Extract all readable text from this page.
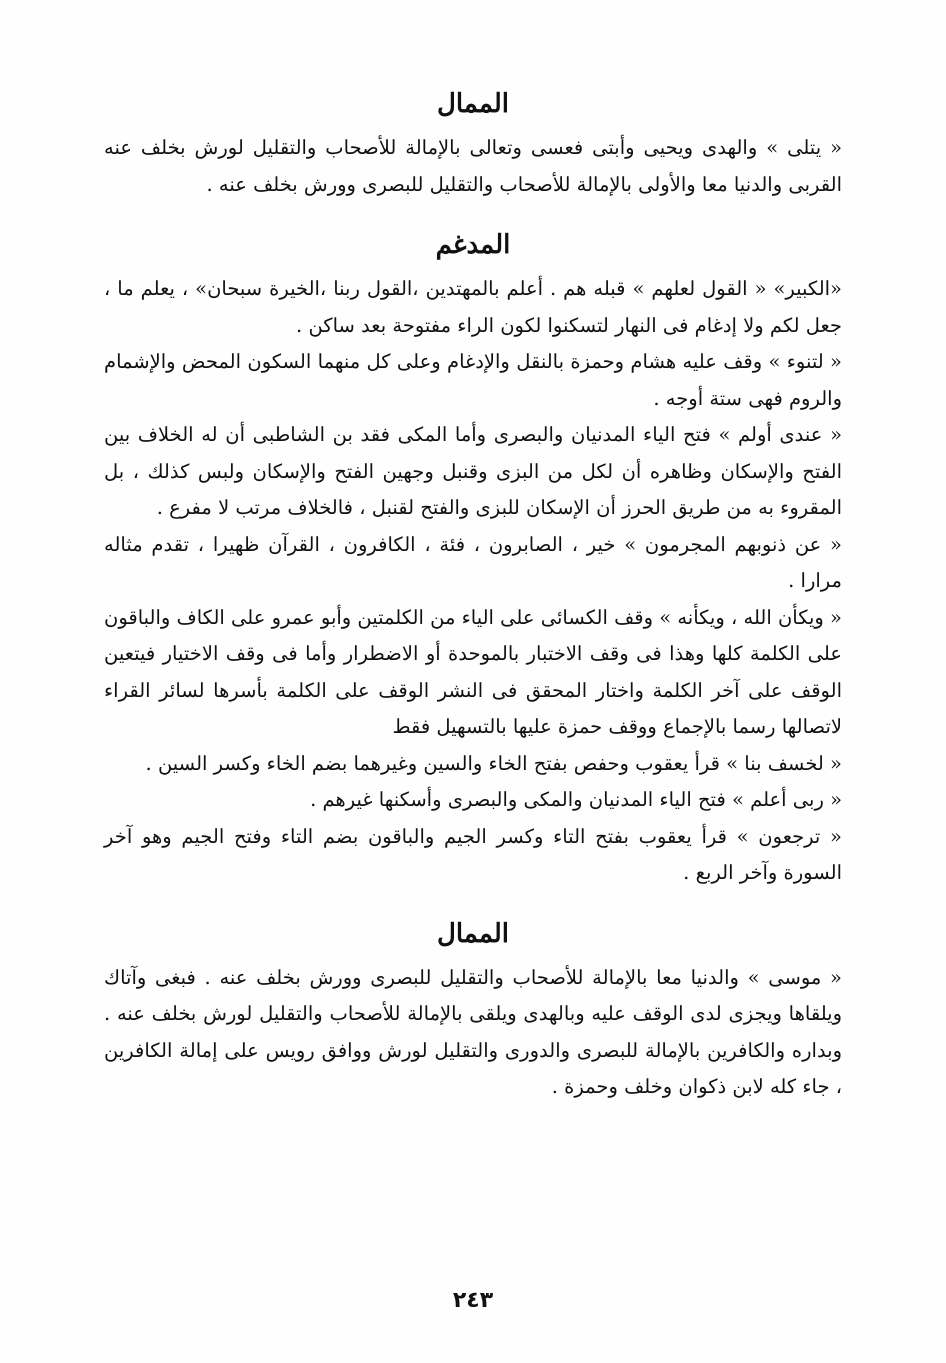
الممال

« يتلى » والهدى ويحيى وأبتى فعسى وتعالى بالإمالة للأصحاب والتقليل لورش بخلف عنه القربى والدنيا معا والأولى بالإمالة للأصحاب والتقليل للبصرى وورش بخلف عنه .

المدغم

«الكبير» « القول لعلهم » قبله هم . أعلم بالمهتدين ،القول ربنا ،الخيرة سبحان» ، يعلم ما ، جعل لكم ولا إدغام فى النهار لتسكنوا لكون الراء مفتوحة بعد ساكن .

« لتنوء » وقف عليه هشام وحمزة بالنقل والإدغام وعلى كل منهما السكون المحض والإشمام والروم فهى ستة أوجه .

« عندى أولم » فتح الياء المدنيان والبصرى وأما المكى فقد بن الشاطبى أن له الخلاف بين الفتح والإسكان وظاهره أن لكل من البزى وقنبل وجهين الفتح والإسكان ولبس كذلك ، بل المقروء به من طريق الحرز أن الإسكان للبزى والفتح لقنبل ، فالخلاف مرتب لا مفرع .

« عن ذنوبهم المجرمون » خير ، الصابرون ، فئة ، الكافرون ، القرآن ظهيرا ، تقدم مثاله مرارا .

« ويكأن الله ، ويكأنه » وقف الكسائى على الياء من الكلمتين وأبو عمرو على الكاف والباقون على الكلمة كلها وهذا فى وقف الاختبار بالموحدة أو الاضطرار وأما فى وقف الاختيار فيتعين الوقف على آخر الكلمة واختار المحقق فى النشر الوقف على الكلمة بأسرها لسائر القراء لاتصالها رسما بالإجماع ووقف حمزة عليها بالتسهيل فقط

« لخسف بنا » قرأ يعقوب وحفص بفتح الخاء والسين وغيرهما بضم الخاء وكسر السين .

« ربى أعلم » فتح الياء المدنيان والمكى والبصرى وأسكنها غيرهم .

« ترجعون » قرأ يعقوب بفتح التاء وكسر الجيم والباقون بضم التاء وفتح الجيم وهو آخر السورة وآخر الربع .

الممال

« موسى » والدنيا معا بالإمالة للأصحاب والتقليل للبصرى وورش بخلف عنه . فبغى وآتاك ويلقاها ويجزى لدى الوقف عليه وبالهدى ويلقى بالإمالة للأصحاب والتقليل لورش بخلف عنه . وبداره والكافرين بالإمالة للبصرى والدورى والتقليل لورش ووافق رويس على إمالة الكافرين ، جاء كله لابن ذكوان وخلف وحمزة .

٢٤٣
